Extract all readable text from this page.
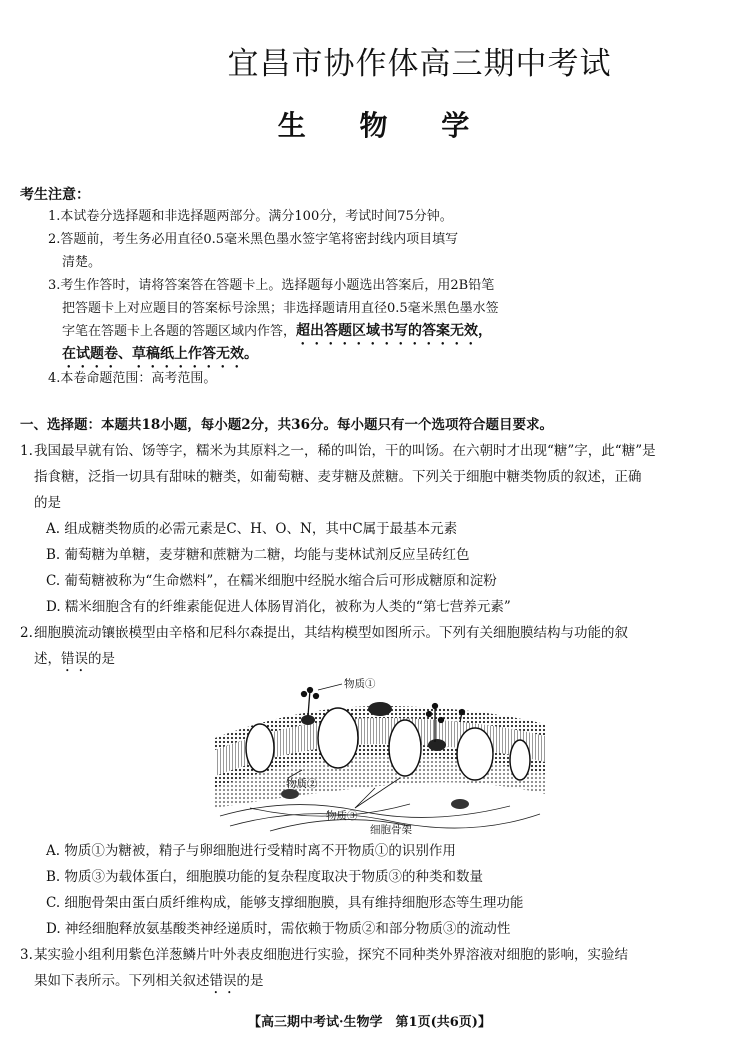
宜昌市协作体高三期中考试
生 物 学
考生注意：
1.本试卷分选择题和非选择题两部分。满分100分，考试时间75分钟。
2.答题前，考生务必用直径0.5毫米黑色墨水签字笔将密封线内项目填写
清楚。
3.考生作答时，请将答案答在答题卡上。选择题每小题选出答案后，用2B铅笔
把答题卡上对应题目的答案标号涂黑；非选择题请用直径0.5毫米黑色墨水签
字笔在答题卡上各题的答题区域内作答，超出答题区域书写的答案无效，
在试题卷、草稿纸上作答无效。
4.本卷命题范围：高考范围。
一、选择题：本题共18小题，每小题2分，共36分。每小题只有一个选项符合题目要求。
1. 我国最早就有饴、饧等字，糯米为其原料之一，稀的叫饴，干的叫饧。在六朝时才出现“糖”字，此“糖”是
指食糖，泛指一切具有甜味的糖类，如葡萄糖、麦芽糖及蔗糖。下列关于细胞中糖类物质的叙述，正确
的是
A. 组成糖类物质的必需元素是C、H、O、N，其中C属于最基本元素
B. 葡萄糖为单糖，麦芽糖和蔗糖为二糖，均能与斐林试剂反应呈砖红色
C. 葡萄糖被称为“生命燃料”，在糯米细胞中经脱水缩合后可形成糖原和淀粉
D. 糯米细胞含有的纤维素能促进人体肠胃消化，被称为人类的“第七营养元素”
2. 细胞膜流动镶嵌模型由辛格和尼科尔森提出，其结构模型如图所示。下列有关细胞膜结构与功能的叙
述，错误的是
物质①
物质②
物质③
细胞骨架
A. 物质①为糖被，精子与卵细胞进行受精时离不开物质①的识别作用
B. 物质③为载体蛋白，细胞膜功能的复杂程度取决于物质③的种类和数量
C. 细胞骨架由蛋白质纤维构成，能够支撑细胞膜，具有维持细胞形态等生理功能
D. 神经细胞释放氨基酸类神经递质时，需依赖于物质②和部分物质③的流动性
3. 某实验小组利用紫色洋葱鳞片叶外表皮细胞进行实验，探究不同种类外界溶液对细胞的影响，实验结
果如下表所示。下列相关叙述错误的是
【高三期中考试·生物学　第1页(共6页)】
